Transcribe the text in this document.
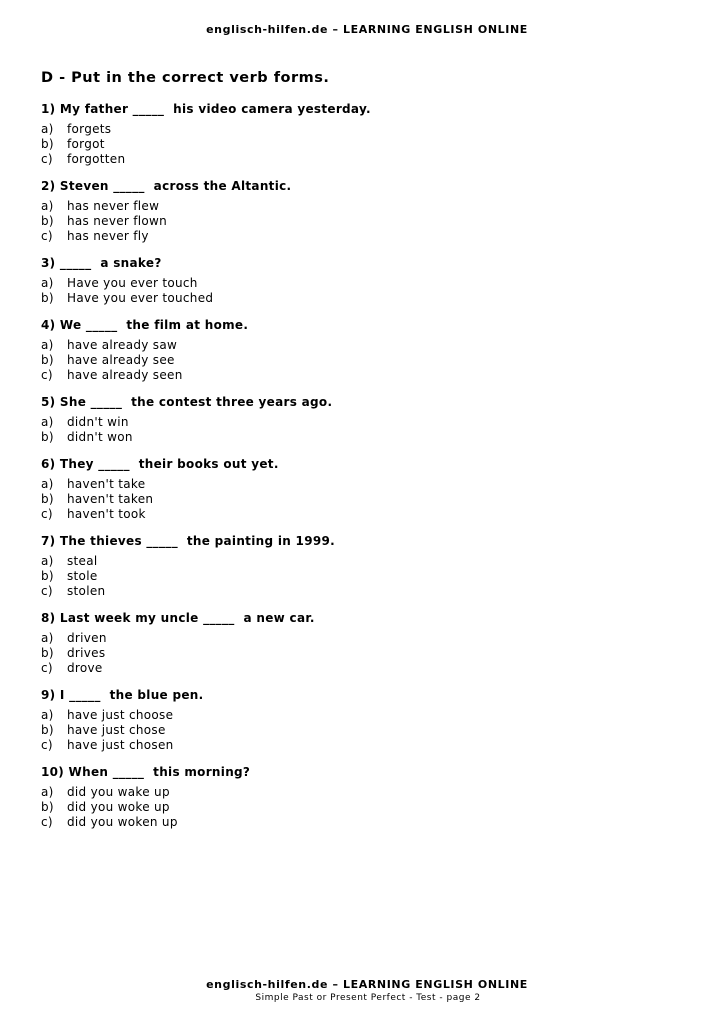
englisch-hilfen.de – LEARNING ENGLISH ONLINE
D - Put in the correct verb forms.
1) My father _____  his video camera yesterday.
a)	forgets
b)	forgot
c)	forgotten
2) Steven _____  across the Altantic.
a)	has never flew
b)	has never flown
c)	has never fly
3) _____  a snake?
a)	Have you ever touch
b)	Have you ever touched
4) We _____  the film at home.
a)	have already saw
b)	have already see
c)	have already seen
5) She _____  the contest three years ago.
a)	didn't win
b)	didn't won
6) They _____  their books out yet.
a)	haven't take
b)	haven't taken
c)	haven't took
7) The thieves _____  the painting in 1999.
a)	steal
b)	stole
c)	stolen
8) Last week my uncle _____  a new car.
a)	driven
b)	drives
c)	drove
9) I _____  the blue pen.
a)	have just choose
b)	have just chose
c)	have just chosen
10) When _____  this morning?
a)	did you wake up
b)	did you woke up
c)	did you woken up
englisch-hilfen.de – LEARNING ENGLISH ONLINE
Simple Past or Present Perfect - Test - page 2
